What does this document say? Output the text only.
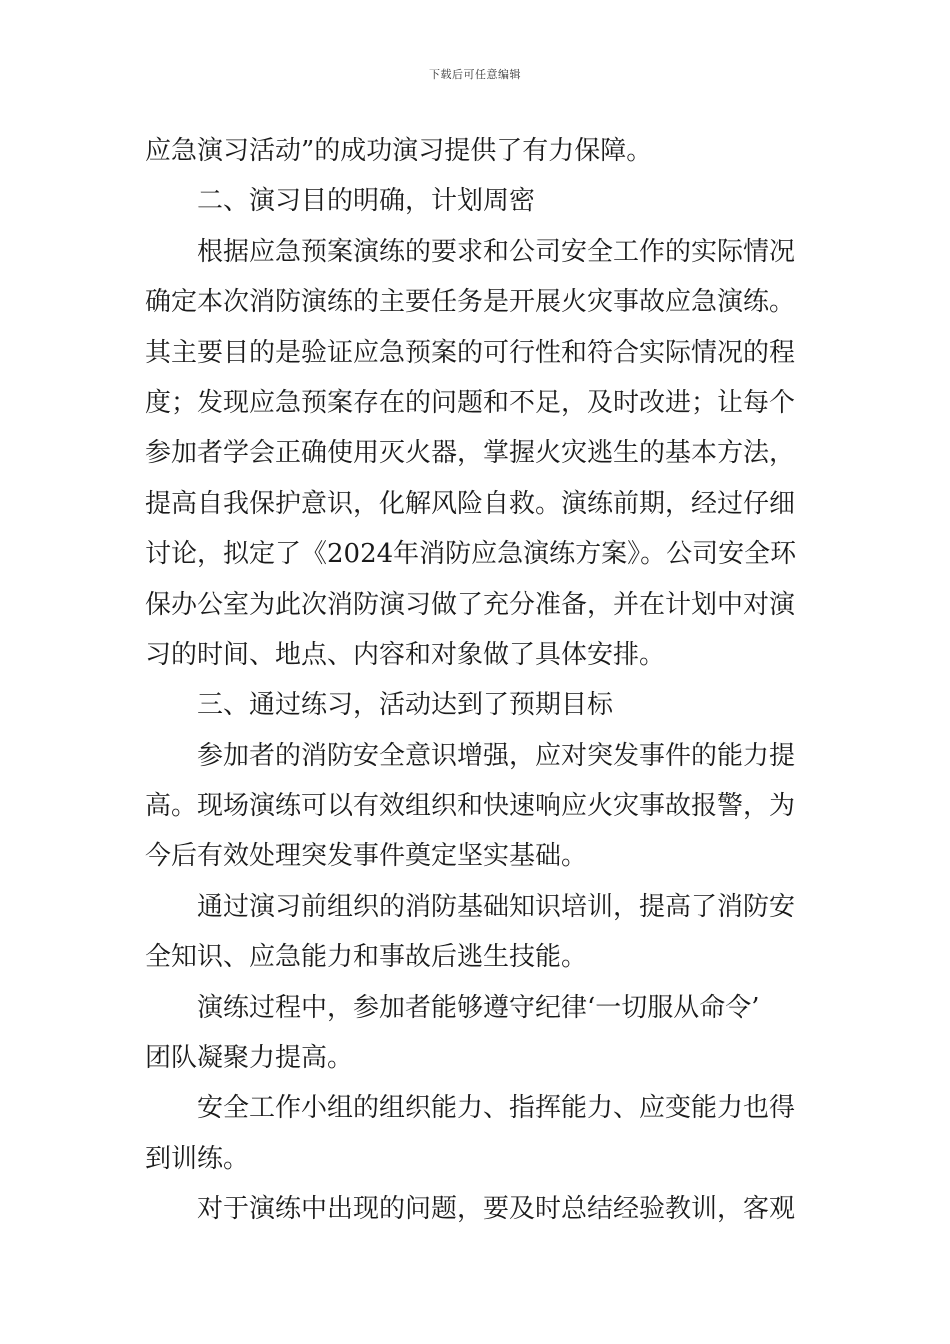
下载后可任意编辑
应急演习活动”的成功演习提供了有力保障。
二、演习目的明确，计划周密
根据应急预案演练的要求和公司安全工作的实际情况
确定本次消防演练的主要任务是开展火灾事故应急演练。
其主要目的是验证应急预案的可行性和符合实际情况的程
度；发现应急预案存在的问题和不足，及时改进；让每个
参加者学会正确使用灭火器，掌握火灾逃生的基本方法，
提高自我保护意识，化解风险自救。演练前期，经过仔细
讨论，拟定了《2024年消防应急演练方案》。公司安全环
保办公室为此次消防演习做了充分准备，并在计划中对演
习的时间、地点、内容和对象做了具体安排。
三、通过练习，活动达到了预期目标
参加者的消防安全意识增强，应对突发事件的能力提
高。现场演练可以有效组织和快速响应火灾事故报警，为
今后有效处理突发事件奠定坚实基础。
通过演习前组织的消防基础知识培训，提高了消防安
全知识、应急能力和事故后逃生技能。
演练过程中，参加者能够遵守纪律‘一切服从命令’
团队凝聚力提高。
安全工作小组的组织能力、指挥能力、应变能力也得
到训练。
对于演练中出现的问题，要及时总结经验教训，客观
